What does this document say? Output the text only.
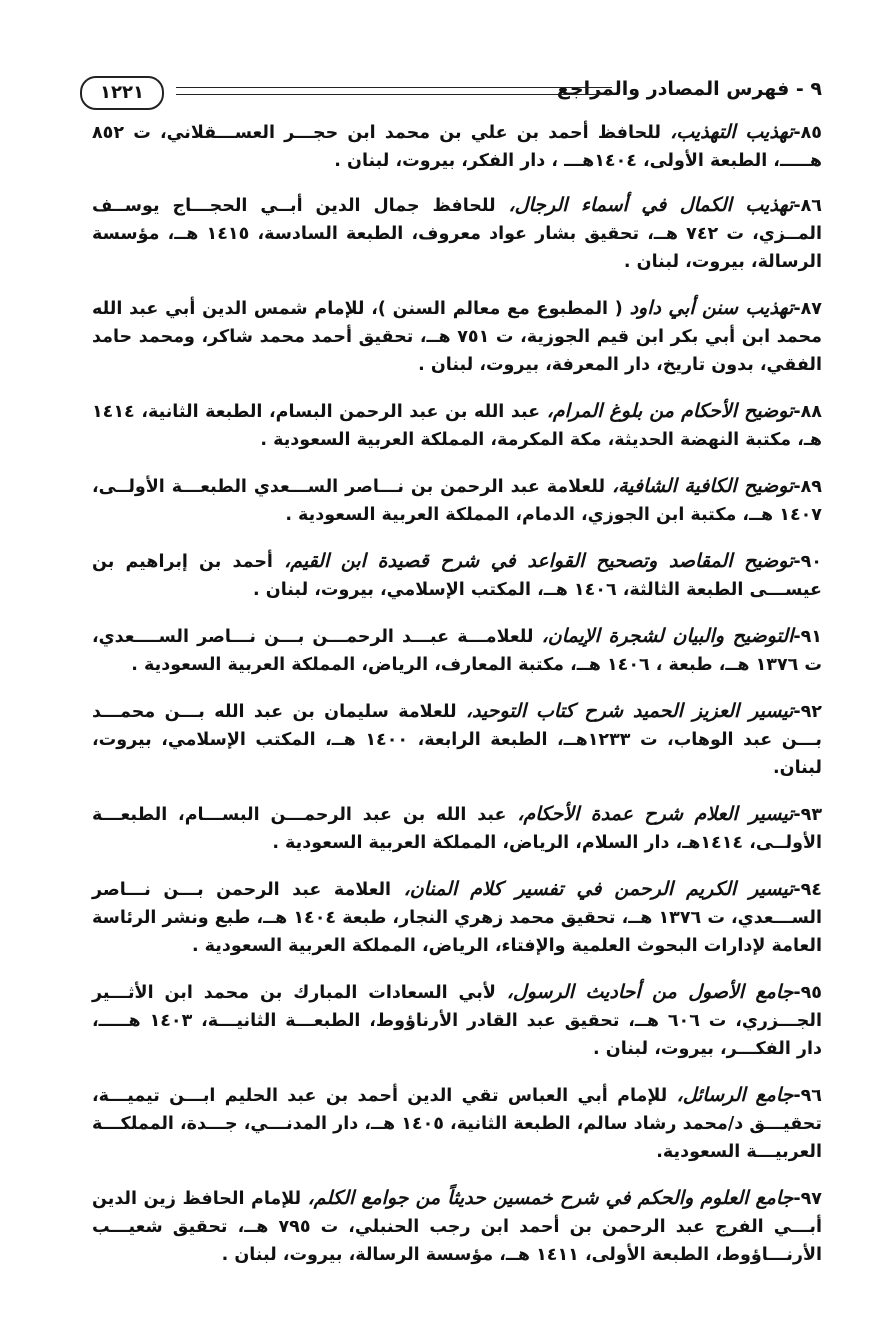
٩ - فهرس المصادر والمراجع
١٢٢١

٨٥-تهذيب التهذيب، للحافظ أحمد بن علي بن محمد ابن حجـــر العســـقلاني، ت ٨٥٢ هـــــ، الطبعة الأولى، ١٤٠٤هـــ ، دار الفكر، بيروت، لبنان .

٨٦-تهذيب الكمال في أسماء الرجال، للحافظ جمال الدين أبــي الحجـــاج يوســف المــزي، ت ٧٤٢ هــ، تحقيق بشار عواد معروف، الطبعة السادسة، ١٤١٥ هــ، مؤسسة الرسالة، بيروت، لبنان .

٨٧-تهذيب سنن أبي داود ( المطبوع مع معالم السنن )، للإمام شمس الدين أبي عبد الله محمد ابن أبي بكر ابن قيم الجوزية، ت ٧٥١ هــ، تحقيق أحمد محمد شاكر، ومحمد حامد الفقي، بدون تاريخ، دار المعرفة، بيروت، لبنان .

٨٨-توضيح الأحكام من بلوغ المرام، عبد الله بن عبد الرحمن البسام، الطبعة الثانية، ١٤١٤ هـ، مكتبة النهضة الحديثة، مكة المكرمة، المملكة العربية السعودية .

٨٩-توضيح الكافية الشافية، للعلامة عبد الرحمن بن نـــاصر الســـعدي الطبعـــة الأولــى، ١٤٠٧ هــ، مكتبة ابن الجوزي، الدمام، المملكة العربية السعودية .

٩٠-توضيح المقاصد وتصحيح القواعد في شرح قصيدة ابن القيم، أحمد بن إبراهيم بن عيســـى الطبعة الثالثة، ١٤٠٦ هــ، المكتب الإسلامي، بيروت، لبنان .

٩١-التوضيح والبيان لشجرة الإيمان، للعلامـــة عبـــد الرحمـــن بـــن نـــاصر الســــعدي، ت ١٣٧٦ هــ، طبعة ، ١٤٠٦ هــ، مكتبة المعارف، الرياض، المملكة العربية السعودية .

٩٢-تيسير العزيز الحميد شرح كتاب التوحيد، للعلامة سليمان بن عبد الله بـــن محمـــد بـــن عبد الوهاب، ت ١٢٣٣هــ، الطبعة الرابعة، ١٤٠٠ هــ، المكتب الإسلامي، بيروت، لبنان.

٩٣-تيسير العلام شرح عمدة الأحكام، عبد الله بن عبد الرحمـــن البســـام، الطبعـــة الأولــى، ١٤١٤هـ، دار السلام، الرياض، المملكة العربية السعودية .

٩٤-تيسير الكريم الرحمن في تفسير كلام المنان، العلامة عبد الرحمن بـــن نـــاصر الســـعدي، ت ١٣٧٦ هــ، تحقيق محمد زهري النجار، طبعة ١٤٠٤ هــ، طبع ونشر الرئاسة العامة لإدارات البحوث العلمية والإفتاء، الرياض، المملكة العربية السعودية .

٩٥-جامع الأصول من أحاديث الرسول، لأبي السعادات المبارك بن محمد ابن الأثـــير الجـــزري، ت ٦٠٦ هــ، تحقيق عبد القادر الأرناؤوط، الطبعـــة الثانيـــة، ١٤٠٣ هـــــ، دار الفكـــر، بيروت، لبنان .

٩٦-جامع الرسائل، للإمام أبي العباس تقي الدين أحمد بن عبد الحليم ابـــن تيميـــة، تحقيـــق د/محمد رشاد سالم، الطبعة الثانية، ١٤٠٥ هــ، دار المدنـــي، جـــدة، المملكـــة العربيـــة السعودية.

٩٧-جامع العلوم والحكم في شرح خمسين حديثاً من جوامع الكلم، للإمام الحافظ زين الدين أبـــي الفرج عبد الرحمن بن أحمد ابن رجب الحنبلي، ت ٧٩٥ هــ، تحقيق شعيـــب الأرنـــاؤوط، الطبعة الأولى، ١٤١١ هــ، مؤسسة الرسالة، بيروت، لبنان .
